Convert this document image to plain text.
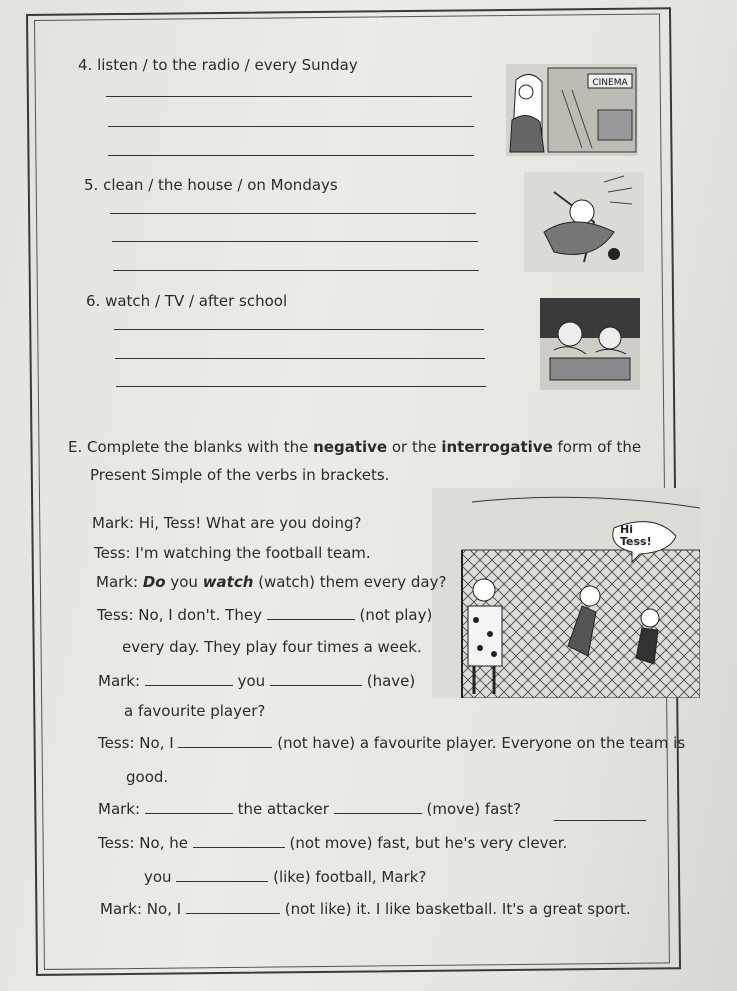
4. listen / to the radio / every Sunday
CINEMA
5. clean / the house / on Mondays
6. watch / TV / after school
E. Complete the blanks with the negative or the interrogative form of the
Present Simple of the verbs in brackets.
Hi
Tess!
Mark: Hi, Tess! What are you doing?
Tess: I'm watching the football team.
Mark: Do you watch (watch) them every day?
Tess: No, I don't. They	(not play)
every day. They play four times a week.
Mark:	you	(have)
a favourite player?
Tess: No, I	(not have) a favourite player. Everyone on the team is
good.
Mark:	the attacker	(move) fast?
Tess: No, he	(not move) fast, but he's very clever.
you	(like) football, Mark?
Mark: No, I	(not like) it. I like basketball. It's a great sport.
